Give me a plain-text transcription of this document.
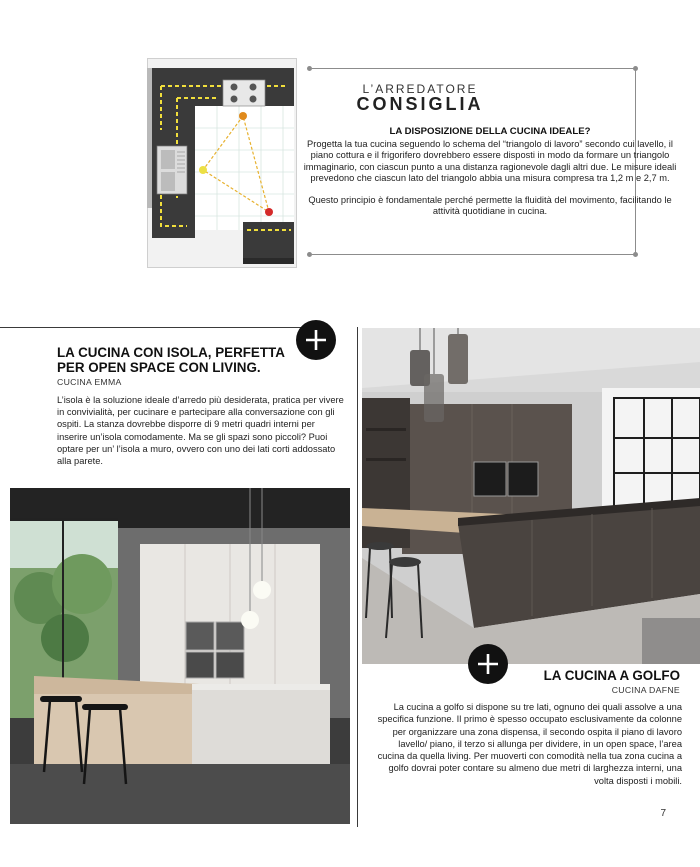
L’ARREDATORE
CONSIGLIA
LA DISPOSIZIONE DELLA CUCINA IDEALE?

Progetta la tua cucina seguendo lo schema del “triangolo di lavoro” secondo cui lavello, il piano cottura e il frigorifero dovrebbero essere disposti in modo da formare un triangolo immaginario, con ciascun punto a una distanza ragionevole dagli altri due. Le misure ideali prevedono che ciascun lato del triangolo abbia una misura compresa tra 1,2 m e 2,7 m.

Questo principio è fondamentale perché permette la fluidità del movimento, facilitando le attività quotidiane in cucina.

LA CUCINA CON ISOLA, PERFETTA PER OPEN SPACE CON LIVING.
CUCINA EMMA
L’isola è la soluzione ideale d’arredo più desiderata, pratica per vivere in convivialità, per cucinare e partecipare alla conversazione con gli ospiti. La stanza dovrebbe disporre di 9 metri quadri interni per inserire un’isola comodamente. Ma se gli spazi sono piccoli? Puoi optare per un’ l’isola a muro, ovvero con uno dei lati corti addossato alla parete.
LA CUCINA A GOLFO
CUCINA DAFNE
La cucina a golfo si dispone su tre lati, ognuno dei quali assolve a una specifica funzione. Il primo è spesso occupato esclusivamente da colonne per organizzare una zona dispensa, il secondo ospita il piano di lavoro lavello/ piano, il terzo si allunga per dividere, in un open space, l’area cucina da quella living. Per muoverti con comodità nella tua zona cucina a golfo dovrai poter contare su almeno due metri di larghezza interni, una volta disposti i mobili.
7
